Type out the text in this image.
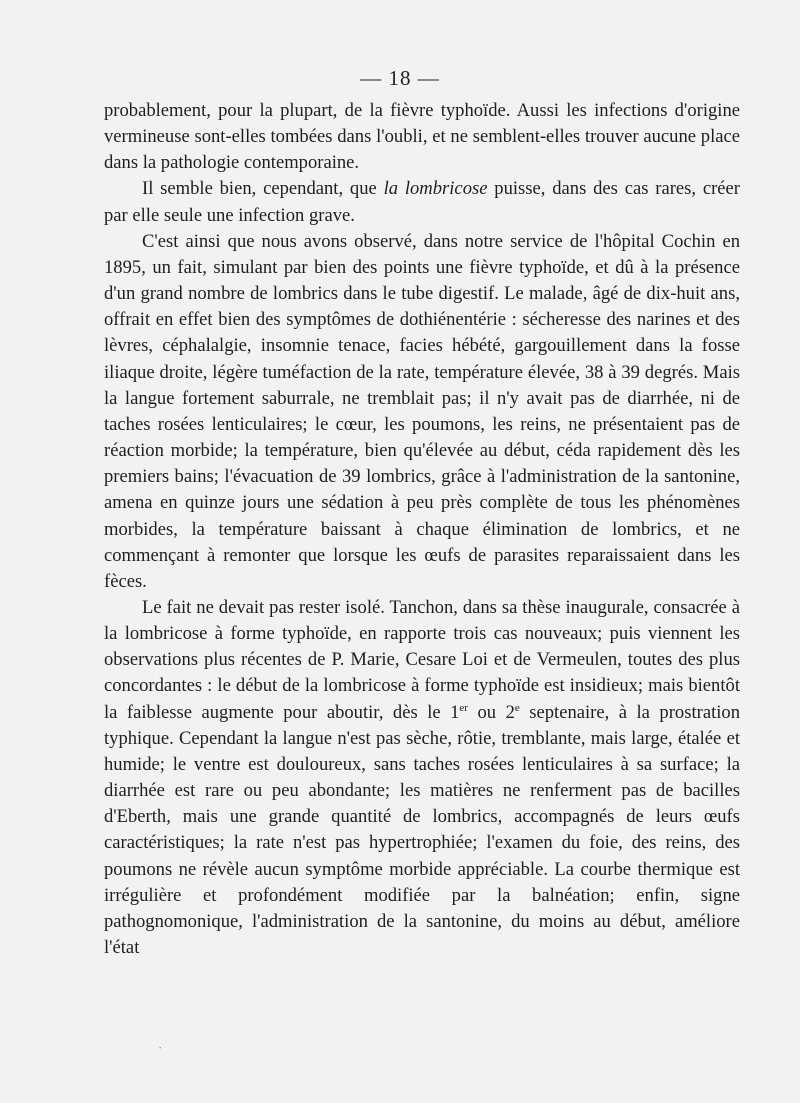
— 18 —

probablement, pour la plupart, de la fièvre typhoïde. Aussi les infections d'origine vermineuse sont-elles tombées dans l'oubli, et ne semblent-elles trouver aucune place dans la pathologie contemporaine.

Il semble bien, cependant, que la lombricose puisse, dans des cas rares, créer par elle seule une infection grave.

C'est ainsi que nous avons observé, dans notre service de l'hôpital Cochin en 1895, un fait, simulant par bien des points une fièvre typhoïde, et dû à la présence d'un grand nombre de lombrics dans le tube digestif. Le malade, âgé de dix-huit ans, offrait en effet bien des symptômes de dothiénentérie : sécheresse des narines et des lèvres, céphalalgie, insomnie tenace, facies hébété, gargouillement dans la fosse iliaque droite, légère tuméfaction de la rate, température élevée, 38 à 39 degrés. Mais la langue fortement saburrale, ne tremblait pas; il n'y avait pas de diarrhée, ni de taches rosées lenticulaires; le cœur, les poumons, les reins, ne présentaient pas de réaction morbide; la température, bien qu'élevée au début, céda rapidement dès les premiers bains; l'évacuation de 39 lombrics, grâce à l'administration de la santonine, amena en quinze jours une sédation à peu près complète de tous les phénomènes morbides, la température baissant à chaque élimination de lombrics, et ne commençant à remonter que lorsque les œufs de parasites reparaissaient dans les fèces.

Le fait ne devait pas rester isolé. Tanchon, dans sa thèse inaugurale, consacrée à la lombricose à forme typhoïde, en rapporte trois cas nouveaux; puis viennent les observations plus récentes de P. Marie, Cesare Loi et de Vermeulen, toutes des plus concordantes : le début de la lombricose à forme typhoïde est insidieux; mais bientôt la faiblesse augmente pour aboutir, dès le 1er ou 2e septenaire, à la prostration typhique. Cependant la langue n'est pas sèche, rôtie, tremblante, mais large, étalée et humide; le ventre est douloureux, sans taches rosées lenticulaires à sa surface; la diarrhée est rare ou peu abondante; les matières ne renferment pas de bacilles d'Eberth, mais une grande quantité de lombrics, accompagnés de leurs œufs caractéristiques; la rate n'est pas hypertrophiée; l'examen du foie, des reins, des poumons ne révèle aucun symptôme morbide appréciable. La courbe thermique est irrégulière et profondément modifiée par la balnéation; enfin, signe pathognomonique, l'administration de la santonine, du moins au début, améliore l'état

·
